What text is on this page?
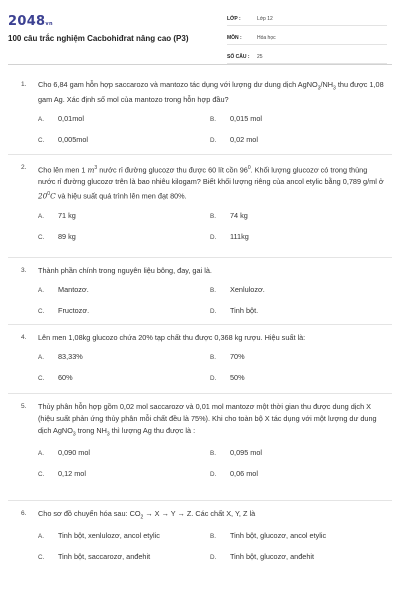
2048vn
100 câu trắc nghiệm Cacbohiđrat nâng cao (P3)
LỚP :	Lớp 12
MÔN :	Hóa học
SỐ CÂU :	25
1. Cho 6,84 gam hỗn hợp saccarozo và mantozo tác dụng với lượng dư dung dịch $AgNO_3/NH_3$ thu được 1,08 gam Ag. Xác định số mol của mantozo trong hỗn hợp đầu?
A.	0,01mol	B.	0,015 mol
C.	0,005mol	D.	0,02 mol
2. Cho lên men 1 $m^3$ nước rỉ đường glucozơ thu được 60 lít cồn $96^0$. Khối lượng glucozơ có trong thùng nước rỉ đường glucozơ trên là bao nhiêu kilogam? Biết khối lượng riêng của ancol etylic bằng 0,789 g/ml ở $20^0C$ và hiệu suất quá trình lên men đạt 80%.
A.	71 kg	B.	74 kg
C.	89 kg	D.	111kg
3. Thành phần chính trong nguyên liệu bông, đay, gai là.
A.	Mantozơ.	B.	Xenlulozơ.
C.	Fructozơ.	D.	Tinh bột.
4. Lên men 1,08kg glucozo chứa 20% tạp chất thu được 0,368 kg rượu. Hiệu suất là:
A.	83,33%	B.	70%
C.	60%	D.	50%
5. Thủy phân hỗn hợp gồm 0,02 mol saccarozơ và 0,01 mol mantozơ một thời gian thu được dung dịch X (hiệu suất phản ứng thủy phân mỗi chất đều là 75%). Khi cho toàn bộ X tác dụng với một lượng dư dung dịch AgNO$_3$ trong $NH_3$ thì lượng Ag thu được là :
A.	0,090 mol	B.	0,095 mol
C.	0,12 mol	D.	0,06 mol
6. Cho sơ đồ chuyển hóa sau: $CO_2 \to X \to Y \to Z$. Các chất X, Y, Z là
A.	Tinh bột, xenlulozơ, ancol etylic	B.	Tinh bột, glucozơ, ancol etylic
C.	Tinh bột, saccarozơ, anđehit	D.	Tinh bột, glucozơ, anđehit
